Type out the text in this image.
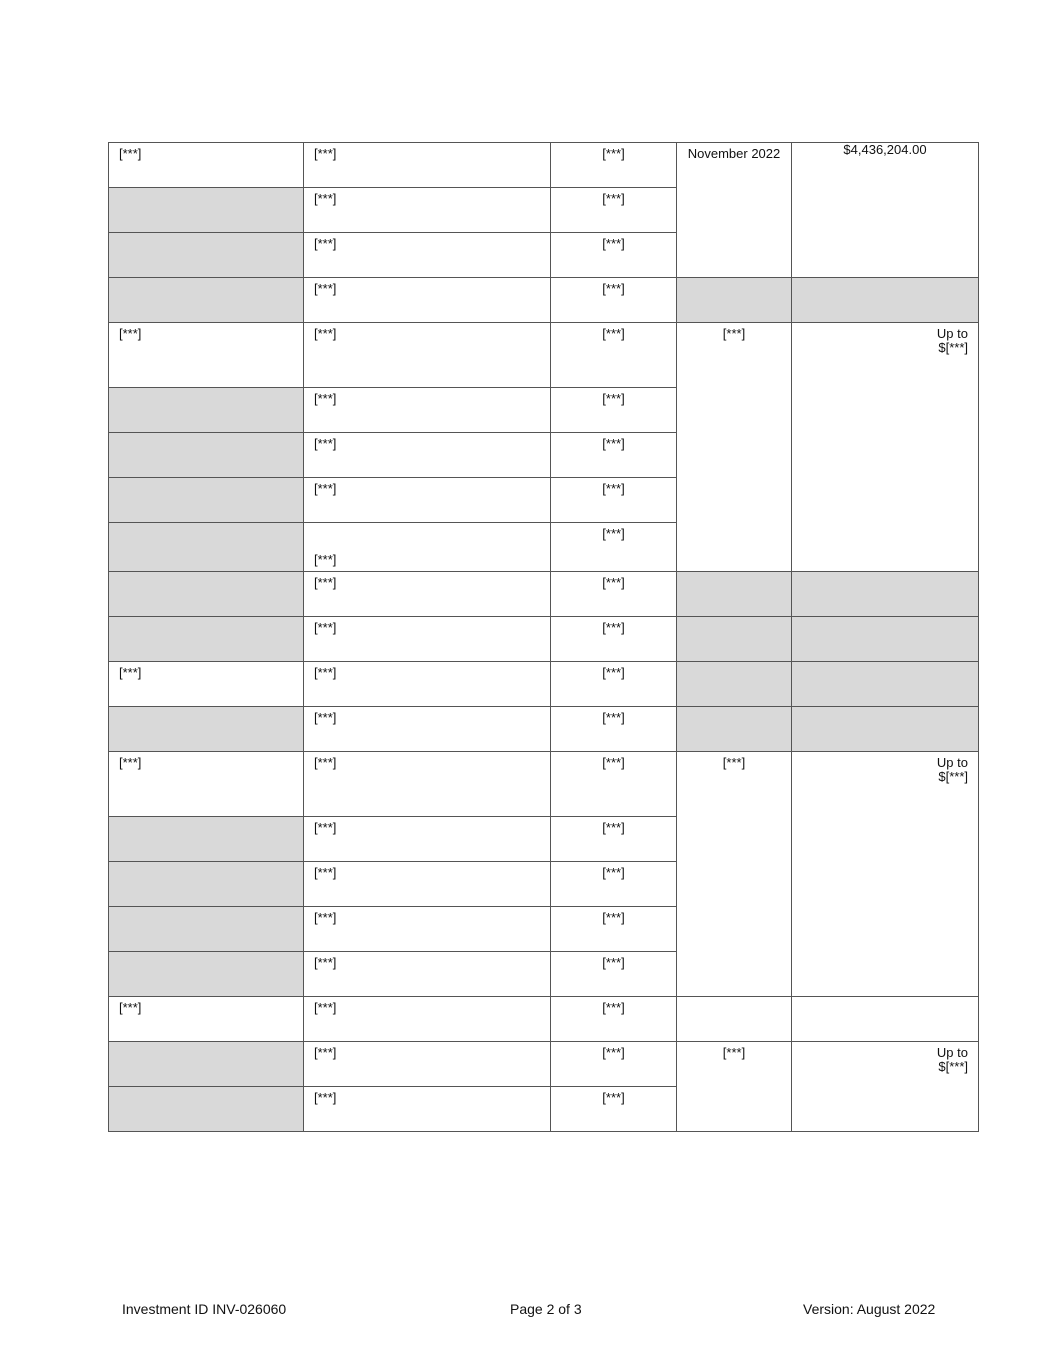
[***]	[***]	[***]	November 2022	$4,436,204.00
	[***]	[***]		
	[***]	[***]		
	[***]	[***]		
[***]	[***]	[***]	[***]	Up to
$[***]

	[***]	[***]		
	[***]	[***]		
	[***]	[***]		
	[***]	[***]		
	[***]	[***]		
	[***]	[***]		
[***]	[***]	[***]		
	[***]	[***]		
[***]	[***]	[***]	[***]	Up to
$[***]

	[***]	[***]		
	[***]	[***]		
	[***]	[***]		
	[***]	[***]		
[***]	[***]	[***]		
	[***]	[***]	[***]	Up to
$[***]

	[***]	[***]		
Investment ID INV-026060	Page 2 of 3	Version: August 2022
